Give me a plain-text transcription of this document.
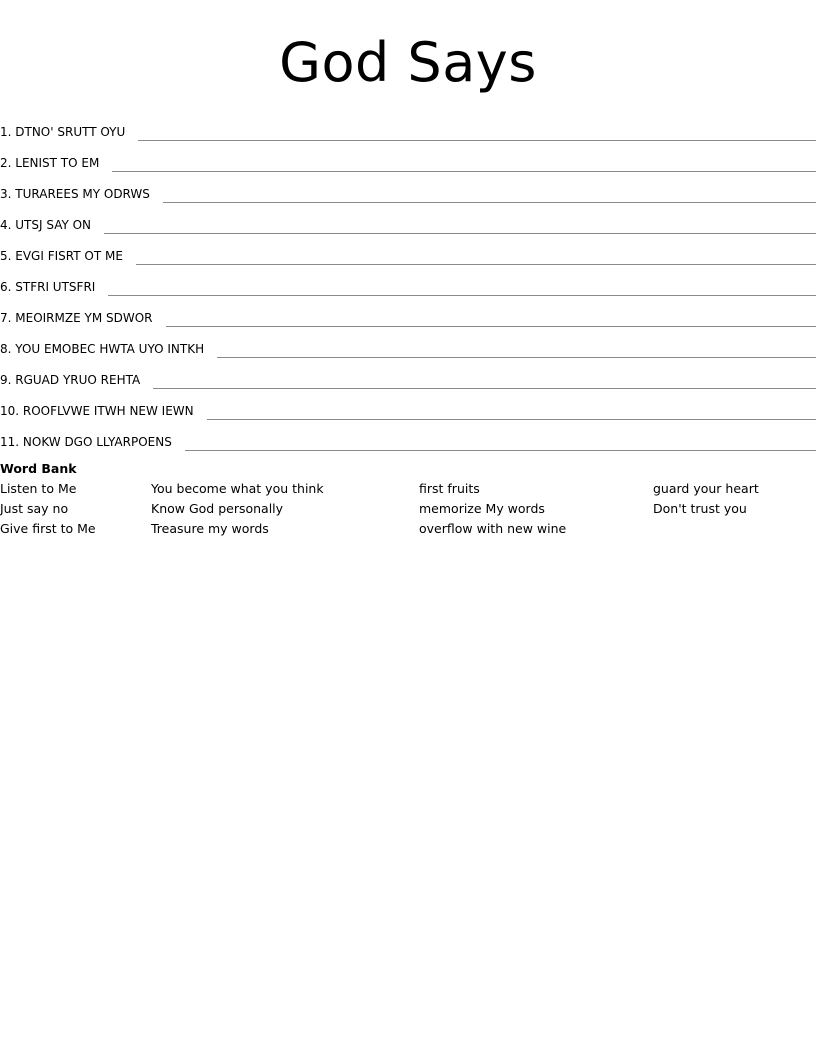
God Says
1. DTNO' SRUTT OYU
2. LENIST TO EM
3. TURAREES MY ODRWS
4. UTSJ SAY ON
5. EVGI FISRT OT ME
6. STFRI UTSFRI
7. MEOIRMZE YM SDWOR
8. YOU EMOBEC HWTA UYO INTKH
9. RGUAD YRUO REHTA
10. ROOFLVWE ITWH NEW IEWN
11. NOKW DGO LLYARPOENS
Word Bank
Listen to Me
Just say no
Give first to Me
You become what you think
Know God personally
Treasure my words
first fruits
memorize My words
overflow with new wine
guard your heart
Don't trust you
